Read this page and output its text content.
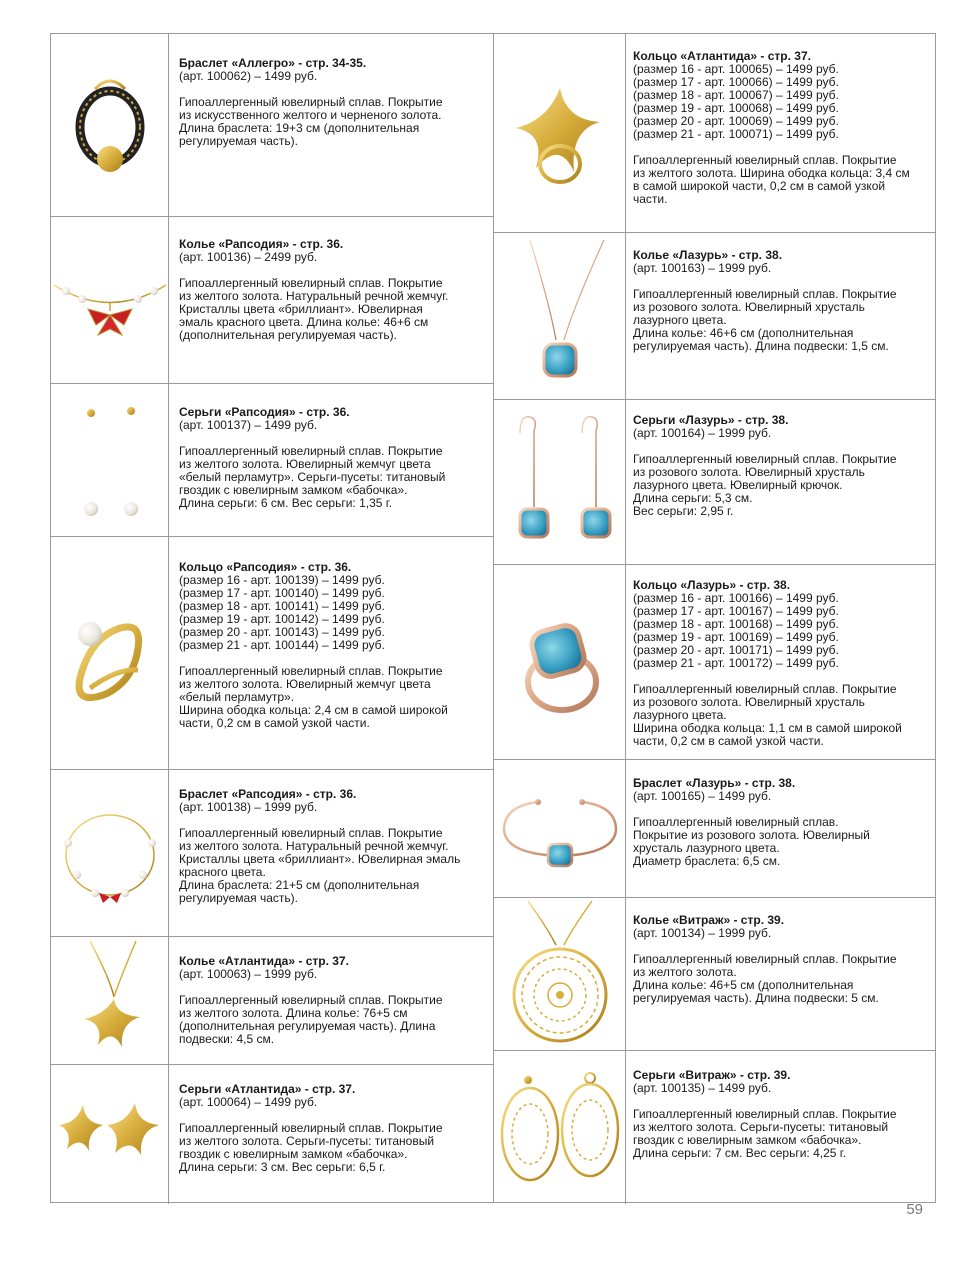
Браслет «Аллегро» - стр. 34-35.

(арт. 100062) – 1499 руб.

Гипоаллергенный ювелирный сплав. Покрытие
из искусственного желтого и черненого золота.
Длина браслета: 19+3 см (дополнительная
регулируемая часть).

Колье «Рапсодия» - стр. 36.

(арт. 100136) – 2499 руб.

Гипоаллергенный ювелирный сплав. Покрытие
из желтого золота. Натуральный речной жемчуг.
Кристаллы цвета «бриллиант». Ювелирная
эмаль красного цвета. Длина колье: 46+6 см
(дополнительная регулируемая часть).

Серьги «Рапсодия» - стр. 36.

(арт. 100137) – 1499 руб.

Гипоаллергенный ювелирный сплав. Покрытие
из желтого золота. Ювелирный жемчуг цвета
«белый перламутр». Серьги-пусеты: титановый
гвоздик с ювелирным замком «бабочка».
Длина серьги: 6 см. Вес серьги: 1,35 г.

Кольцо «Рапсодия» - стр. 36.

(размер 16 - арт. 100139) – 1499 руб.

(размер 17 - арт. 100140) – 1499 руб.

(размер 18 - арт. 100141) – 1499 руб.

(размер 19 - арт. 100142) – 1499 руб.

(размер 20 - арт. 100143) – 1499 руб.

(размер 21 - арт. 100144) – 1499 руб.

Гипоаллергенный ювелирный сплав. Покрытие
из желтого золота. Ювелирный жемчуг цвета
«белый перламутр».
Ширина ободка кольца: 2,4 см в самой широкой
части, 0,2 см в самой узкой части.

Браслет «Рапсодия» - стр. 36.

(арт. 100138) – 1999 руб.

Гипоаллергенный ювелирный сплав. Покрытие
из желтого золота. Натуральный речной жемчуг.
Кристаллы цвета «бриллиант». Ювелирная эмаль
красного цвета.
Длина браслета: 21+5 см (дополнительная
регулируемая часть).

Колье «Атлантида» - стр. 37.

(арт. 100063) – 1999 руб.

Гипоаллергенный ювелирный сплав. Покрытие
из желтого золота. Длина колье: 76+5 см
(дополнительная регулируемая часть). Длина
подвески: 4,5 см.

Серьги «Атлантида» - стр. 37.

(арт. 100064) – 1499 руб.

Гипоаллергенный ювелирный сплав. Покрытие
из желтого золота. Серьги-пусеты: титановый
гвоздик с ювелирным замком «бабочка».
Длина серьги: 3 см. Вес серьги: 6,5 г.

Кольцо «Атлантида» - стр. 37.

(размер 16 - арт. 100065) – 1499 руб.

(размер 17 - арт. 100066) – 1499 руб.

(размер 18 - арт. 100067) – 1499 руб.

(размер 19 - арт. 100068) – 1499 руб.

(размер 20 - арт. 100069) – 1499 руб.

(размер 21 - арт. 100071) – 1499 руб.

Гипоаллергенный ювелирный сплав. Покрытие
из желтого золота. Ширина ободка кольца: 3,4 см
в самой широкой части, 0,2 см в самой узкой
части.

Колье «Лазурь» - стр. 38.

(арт. 100163) – 1999 руб.

Гипоаллергенный ювелирный сплав. Покрытие
из розового золота. Ювелирный хрусталь
лазурного цвета.
Длина колье: 46+6 см (дополнительная
регулируемая часть). Длина подвески: 1,5 см.

Серьги «Лазурь» - стр. 38.

(арт. 100164) – 1999 руб.

Гипоаллергенный ювелирный сплав. Покрытие
из розового золота. Ювелирный хрусталь
лазурного цвета. Ювелирный крючок.
Длина серьги: 5,3 см.
Вес серьги: 2,95 г.

Кольцо «Лазурь» - стр. 38.

(размер 16 - арт. 100166) – 1499 руб.

(размер 17 - арт. 100167) – 1499 руб.

(размер 18 - арт. 100168) – 1499 руб.

(размер 19 - арт. 100169) – 1499 руб.

(размер 20 - арт. 100171) – 1499 руб.

(размер 21 - арт. 100172) – 1499 руб.

Гипоаллергенный ювелирный сплав. Покрытие
из розового золота. Ювелирный хрусталь
лазурного цвета.
Ширина ободка кольца: 1,1 см в самой широкой
части, 0,2 см в самой узкой части.

Браслет «Лазурь» - стр. 38.

(арт. 100165) – 1499 руб.

Гипоаллергенный ювелирный сплав.
Покрытие из розового золота. Ювелирный
хрусталь лазурного цвета.
Диаметр браслета: 6,5 см.

Колье «Витраж» - стр. 39.

(арт. 100134) – 1999 руб.

Гипоаллергенный ювелирный сплав. Покрытие
из желтого золота.
Длина колье: 46+5 см (дополнительная
регулируемая часть). Длина подвески: 5 см.

Серьги «Витраж» - стр. 39.

(арт. 100135) – 1499 руб.

Гипоаллергенный ювелирный сплав. Покрытие
из желтого золота. Серьги-пусеты: титановый
гвоздик с ювелирным замком «бабочка».
Длина серьги: 7 см. Вес серьги: 4,25 г.

59
